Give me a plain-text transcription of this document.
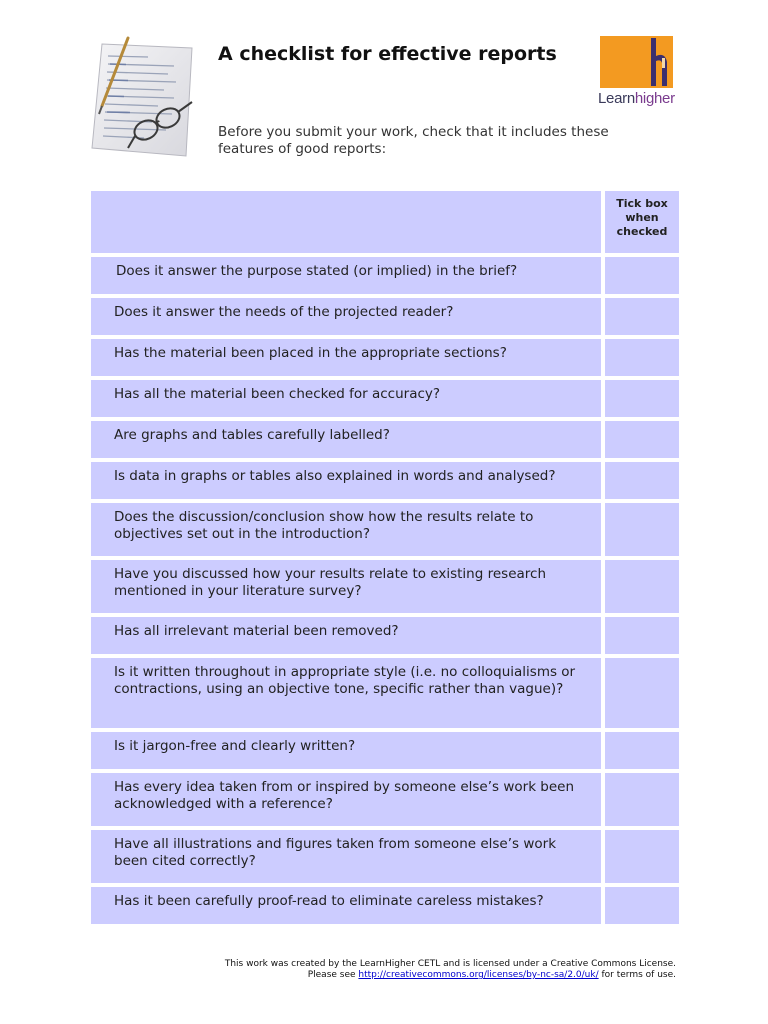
A checklist for effective reports

Before you submit your work, check that it includes these features of good reports:

Learnhigher
Tick box
when
checked
Does it answer the purpose stated (or implied) in the brief?
Does it answer the needs of the projected reader?
Has the material been placed in the appropriate sections?
Has all the material been checked for accuracy?
Are graphs and tables carefully labelled?
Is data in graphs or tables also explained in words and analysed?
Does the discussion/conclusion show how the results relate to objectives set out in the introduction?
Have you discussed how your results relate to existing research mentioned in your literature survey?
Has all irrelevant material been removed?
Is it written throughout in appropriate style (i.e. no colloquialisms or contractions, using an objective tone, specific rather than vague)?
Is it jargon-free and clearly written?
Has every idea taken from or inspired by someone else’s work been acknowledged with a reference?
Have all illustrations and figures taken from someone else’s work been cited correctly?
Has it been carefully proof-read to eliminate careless mistakes?
This work was created by the LearnHigher CETL and is licensed under a Creative Commons License.
Please see http://creativecommons.org/licenses/by-nc-sa/2.0/uk/ for terms of use.
